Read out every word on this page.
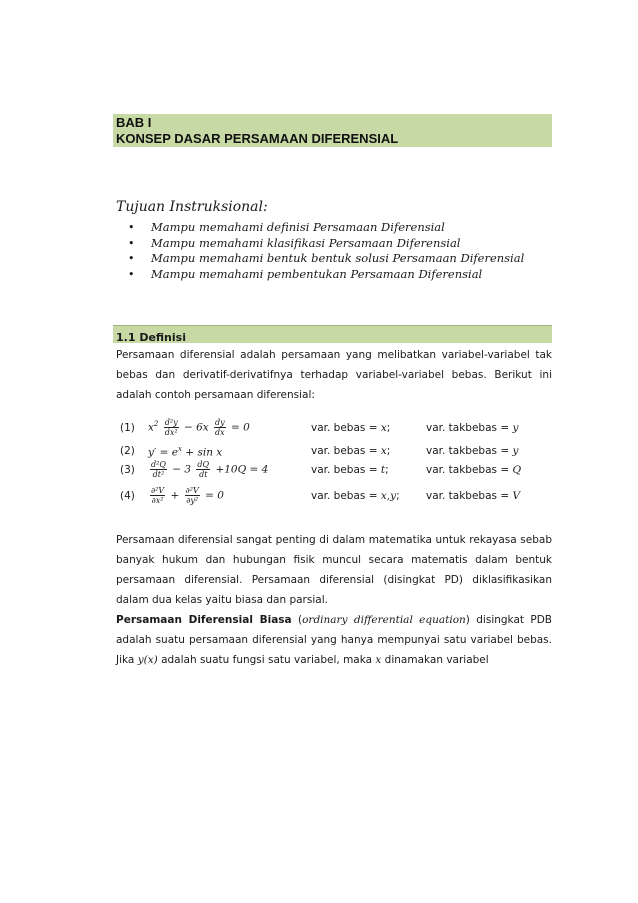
BAB I
KONSEP DASAR PERSAMAAN DIFERENSIAL
Tujuan Instruksional:
• Mampu memahami definisi Persamaan Diferensial
• Mampu memahami klasifikasi Persamaan Diferensial
• Mampu memahami bentuk bentuk solusi Persamaan Diferensial
• Mampu memahami pembentukan Persamaan Diferensial
1.1 Definisi
Persamaan diferensial adalah persamaan yang melibatkan variabel-variabel tak bebas dan derivatif-derivatifnya terhadap variabel-variabel bebas. Berikut ini adalah contoh persamaan diferensial:
(1) $x^2 \frac{\text{d²y}}{\text{dx²}} - 6x \frac{dy}{dx} = 0$	var. bebas = x;	var. takbebas = y
(2) $y' = e^x + \sin x$	var. bebas = x;	var. takbebas = y
$(3) \frac{\text{d²Q}}{\text{dt²}} - 3 \frac{dQ}{dt} +10Q = 4$	var. bebas = t;	var. takbebas = Q
$(4) \frac{\text{∂²V}}{\text{∂x²}} + \frac{\text{∂²V}}{\text{∂y²}} = 0$	var. bebas = x,y;	var. takbebas = V
Persamaan diferensial sangat penting di dalam matematika untuk rekayasa sebab banyak hukum dan hubungan fisik muncul secara matematis dalam bentuk persamaan diferensial. Persamaan diferensial (disingkat PD) diklasifikasikan dalam dua kelas yaitu biasa dan parsial.
Persamaan Diferensial Biasa (ordinary differential equation) disingkat PDB adalah suatu persamaan diferensial yang hanya mempunyai satu variabel bebas. Jika y(x) adalah suatu fungsi satu variabel, maka x dinamakan variabel
